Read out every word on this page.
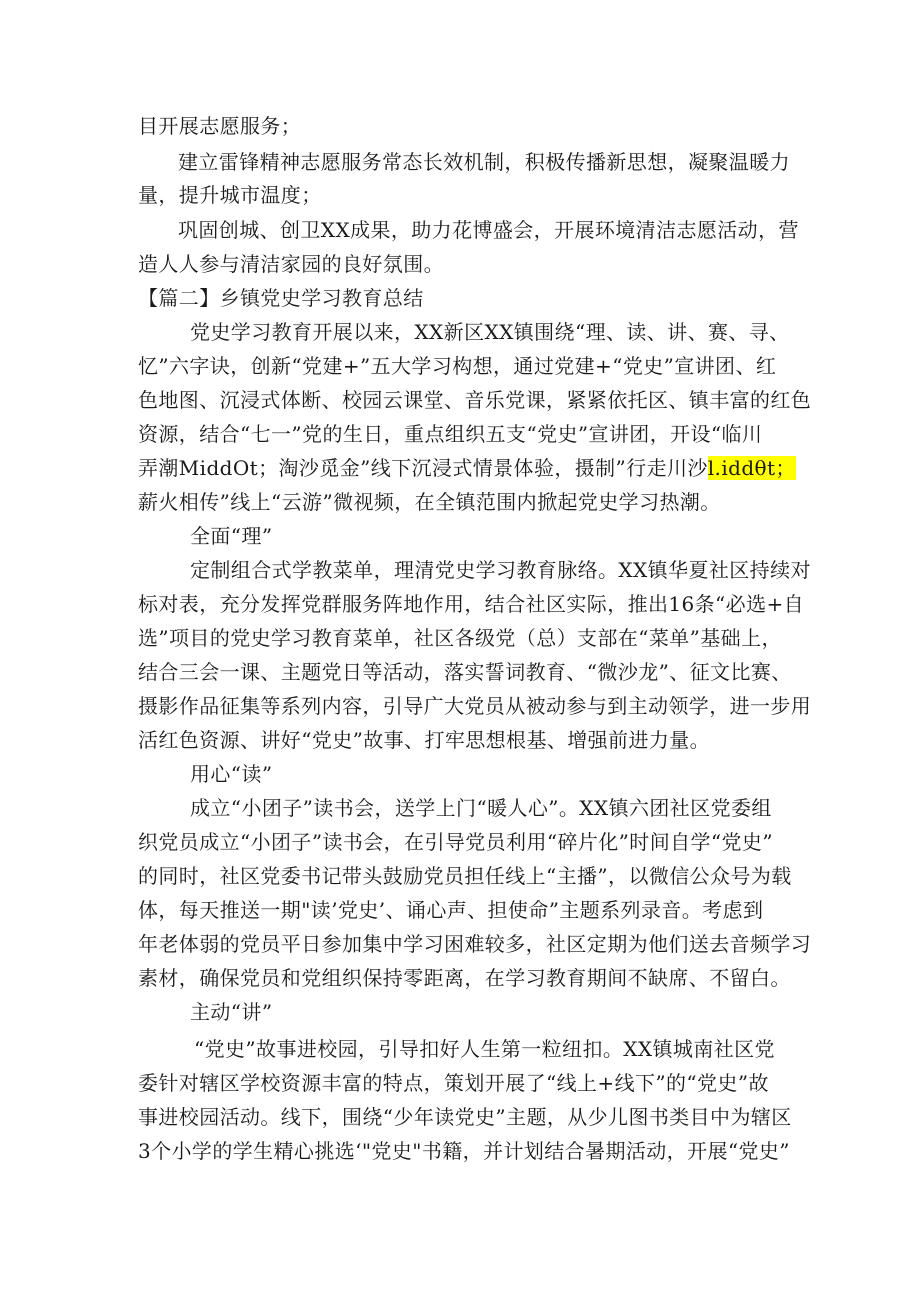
目开展志愿服务；
建立雷锋精神志愿服务常态长效机制，积极传播新思想，凝聚温暖力
量，提升城市温度；
巩固创城、创卫XX成果，助力花博盛会，开展环境清洁志愿活动，营
造人人参与清洁家园的良好氛围。
【篇二】乡镇党史学习教育总结
党史学习教育开展以来，XX新区XX镇围绕“理、读、讲、赛、寻、
忆”六字诀，创新“党建+”五大学习构想，通过党建+“党史”宣讲团、红
色地图、沉浸式体断、校园云课堂、音乐党课，紧紧依托区、镇丰富的红色
资源，结合“七一”党的生日，重点组织五支“党史”宣讲团，开设“临川
弄潮MiddOt；淘沙觅金”线下沉浸式情景体验，摄制”行走川沙l.iddθt；
薪火相传”线上“云游”微视频，在全镇范围内掀起党史学习热潮。
全面“理”
定制组合式学教菜单，理清党史学习教育脉络。XX镇华夏社区持续对
标对表，充分发挥党群服务阵地作用，结合社区实际，推出16条“必选+自
选”项目的党史学习教育菜单，社区各级党（总）支部在“菜单”基础上，
结合三会一课、主题党日等活动，落实誓词教育、“微沙龙”、征文比赛、
摄影作品征集等系列内容，引导广大党员从被动参与到主动领学，进一步用
活红色资源、讲好“党史”故事、打牢思想根基、增强前进力量。
用心“读”
成立“小团子”读书会，送学上门“暖人心”。XX镇六团社区党委组
织党员成立“小团子”读书会，在引导党员利用“碎片化”时间自学“党史”
的同时，社区党委书记带头鼓励党员担任线上“主播”，以微信公众号为载
体，每天推送一期"读’党史’、诵心声、担使命”主题系列录音。考虑到
年老体弱的党员平日参加集中学习困难较多，社区定期为他们送去音频学习
素材，确保党员和党组织保持零距离，在学习教育期间不缺席、不留白。
主动“讲”
“党史”故事进校园，引导扣好人生第一粒纽扣。XX镇城南社区党
委针对辖区学校资源丰富的特点，策划开展了“线上+线下”的“党史”故
事进校园活动。线下，围绕“少年读党史”主题，从少儿图书类目中为辖区
3个小学的学生精心挑选‘"党史"书籍，并计划结合暑期活动，开展“党史”
